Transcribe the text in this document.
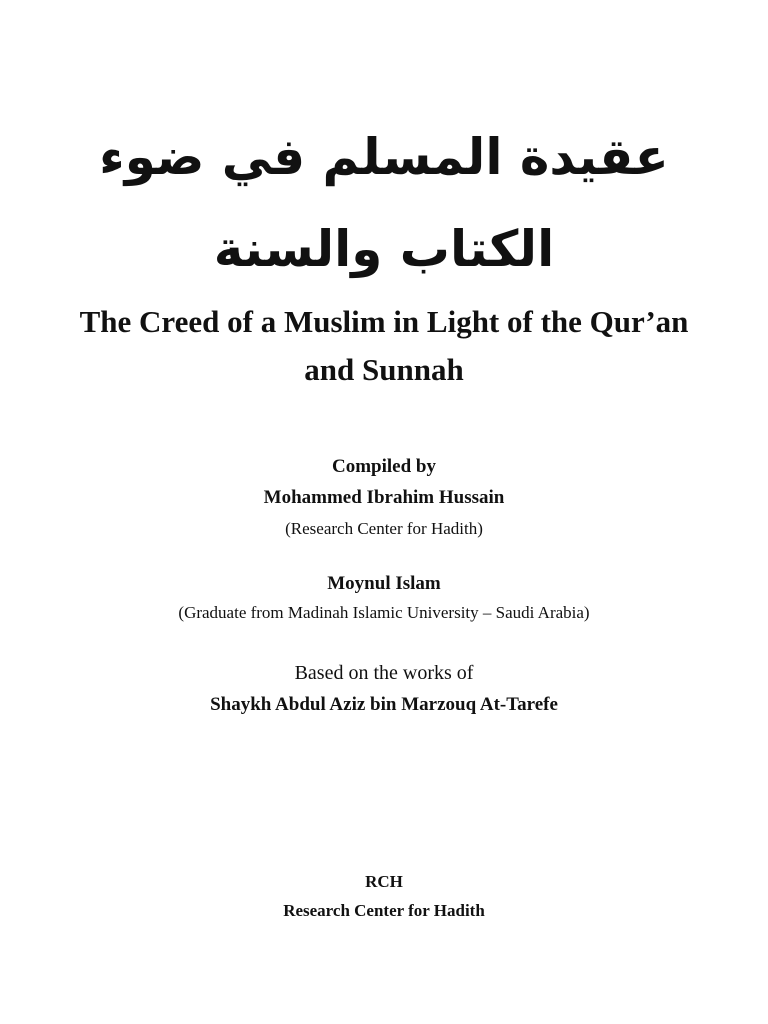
عقيدة المسلم في ضوء
الكتاب والسنة
The Creed of a Muslim in Light of the Qur’an
and Sunnah
Compiled by
Mohammed Ibrahim Hussain
(Research Center for Hadith)
Moynul Islam
(Graduate from Madinah Islamic University – Saudi Arabia)
Based on the works of
Shaykh Abdul Aziz bin Marzouq At-Tarefe
RCH
Research Center for Hadith
